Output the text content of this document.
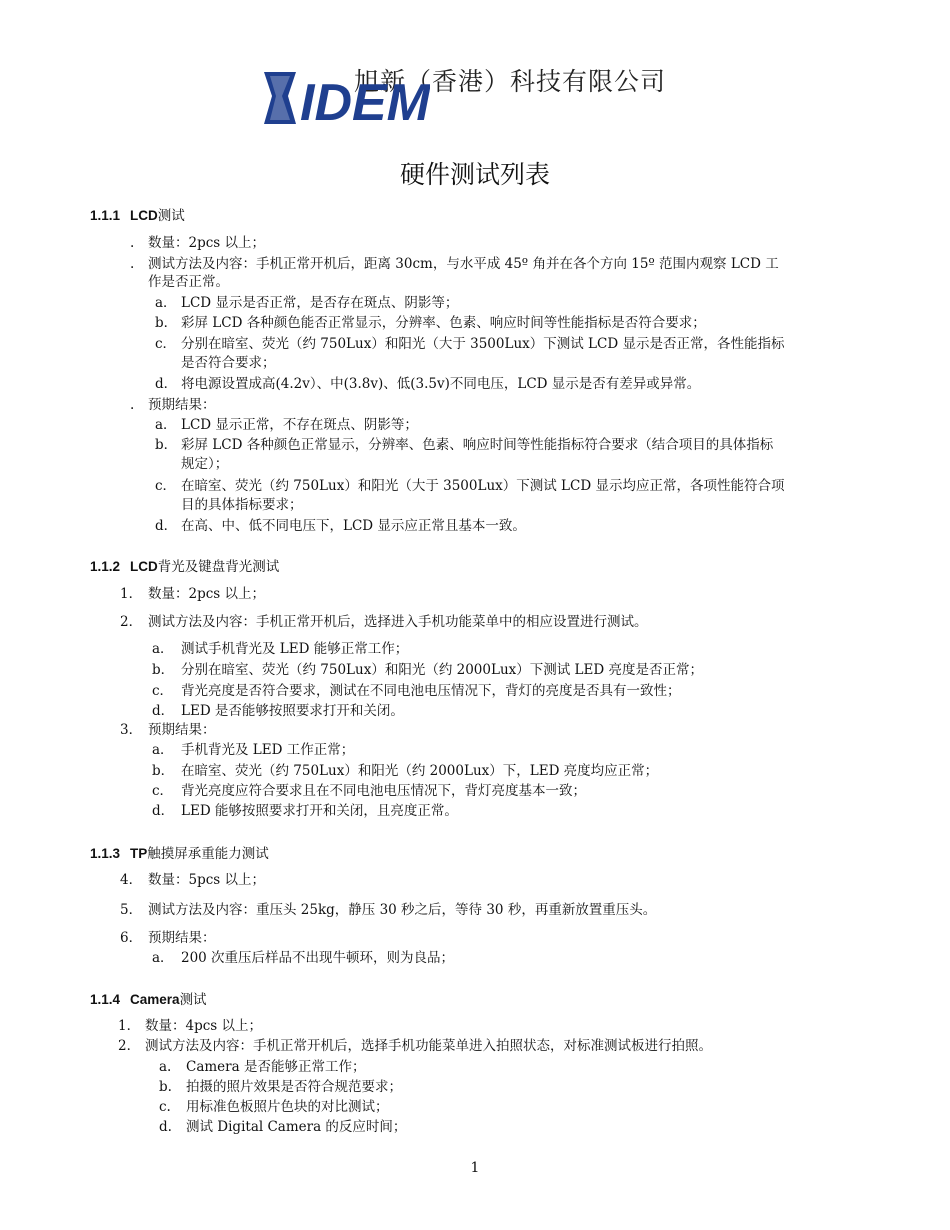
旭新（香港）科技有限公司
IDEM
硬件测试列表
1.1.1 LCD测试
. 数量：2pcs 以上；
. 测试方法及内容：手机正常开机后，距离 30cm，与水平成 45º 角并在各个方向 15º 范围内观察 LCD 工
作是否正常。
a． LCD 显示是否正常，是否存在斑点、阴影等；
b． 彩屏 LCD 各种颜色能否正常显示，分辨率、色素、响应时间等性能指标是否符合要求；
c． 分别在暗室、荧光（约 750Lux）和阳光（大于 3500Lux）下测试 LCD 显示是否正常，各性能指标
是否符合要求；
d． 将电源设置成高(4.2v）、中(3.8v)、低(3.5v)不同电压，LCD 显示是否有差异或异常。
. 预期结果：
a． LCD 显示正常，不存在斑点、阴影等；
b． 彩屏 LCD 各种颜色正常显示，分辨率、色素、响应时间等性能指标符合要求（结合项目的具体指标
规定）；
c． 在暗室、荧光（约 750Lux）和阳光（大于 3500Lux）下测试 LCD 显示均应正常，各项性能符合项
目的具体指标要求；
d． 在高、中、低不同电压下，LCD 显示应正常且基本一致。
1.1.2 LCD背光及键盘背光测试
1． 数量：2pcs 以上；
2． 测试方法及内容：手机正常开机后，选择进入手机功能菜单中的相应设置进行测试。
a． 测试手机背光及 LED 能够正常工作；
b． 分别在暗室、荧光（约 750Lux）和阳光（约 2000Lux）下测试 LED 亮度是否正常；
c． 背光亮度是否符合要求，测试在不同电池电压情况下，背灯的亮度是否具有一致性；
d． LED 是否能够按照要求打开和关闭。
3． 预期结果：
a． 手机背光及 LED 工作正常；
b． 在暗室、荧光（约 750Lux）和阳光（约 2000Lux）下，LED 亮度均应正常；
c． 背光亮度应符合要求且在不同电池电压情况下，背灯亮度基本一致；
d． LED 能够按照要求打开和关闭，且亮度正常。
1.1.3 TP触摸屏承重能力测试
4． 数量：5pcs 以上；
5． 测试方法及内容：重压头 25kg，静压 30 秒之后，等待 30 秒，再重新放置重压头。
6． 预期结果：
a． 200 次重压后样品不出现牛顿环，则为良品；
1.1.4 Camera测试
1． 数量：4pcs 以上；
2． 测试方法及内容：手机正常开机后，选择手机功能菜单进入拍照状态，对标准测试板进行拍照。
a. Camera 是否能够正常工作；
b. 拍摄的照片效果是否符合规范要求；
c. 用标准色板照片色块的对比测试；
d. 测试 Digital Camera 的反应时间；
1
